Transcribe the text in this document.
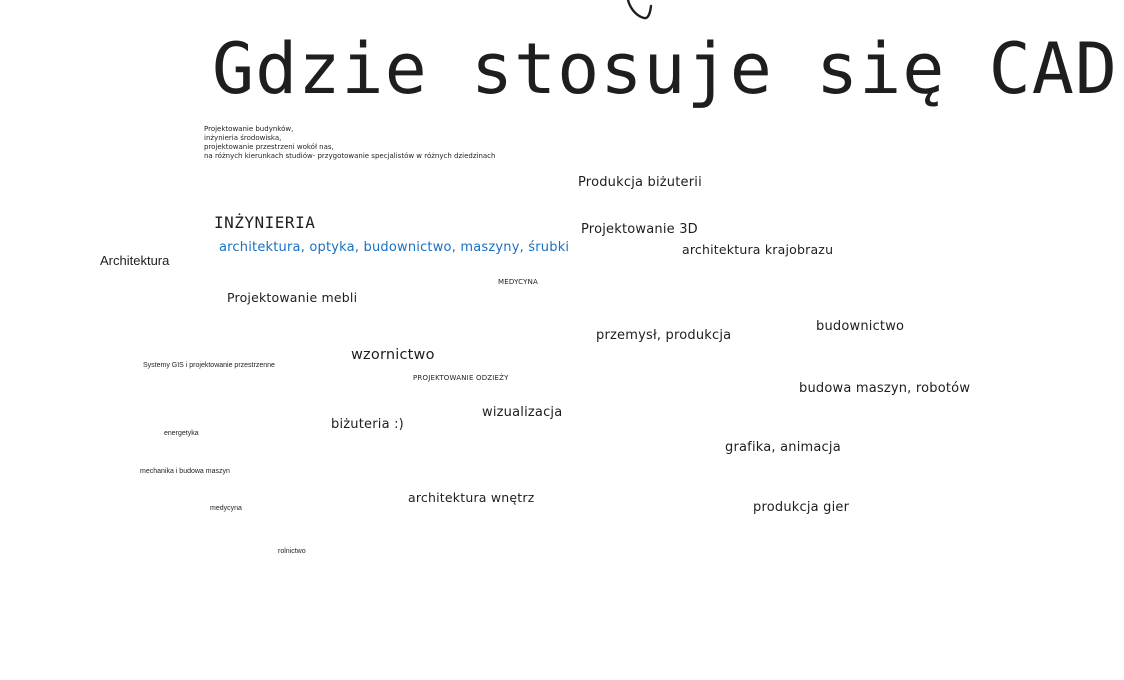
Gdzie stosuje się CAD
Projektowanie budynków,
inżynieria środowiska,
projektowanie przestrzeni wokół nas,
na różnych kierunkach studiów- przygotowanie specjalistów w różnych dziedzinach
INŻYNIERIA
architektura, optyka, budownictwo, maszyny, śrubki
Architektura
Projektowanie mebli
MEDYCYNA
Produkcja biżuterii
Projektowanie 3D
architektura krajobrazu
budownictwo
przemysł, produkcja
Systemy GIS i projektowanie przestrzenne
wzornictwo
PROJEKTOWANIE ODZIEŻY
budowa maszyn, robotów
wizualizacja
biżuteria :)
energetyka
grafika, animacja
mechanika i budowa maszyn
architektura wnętrz
produkcja gier
medycyna
rolnictwo
